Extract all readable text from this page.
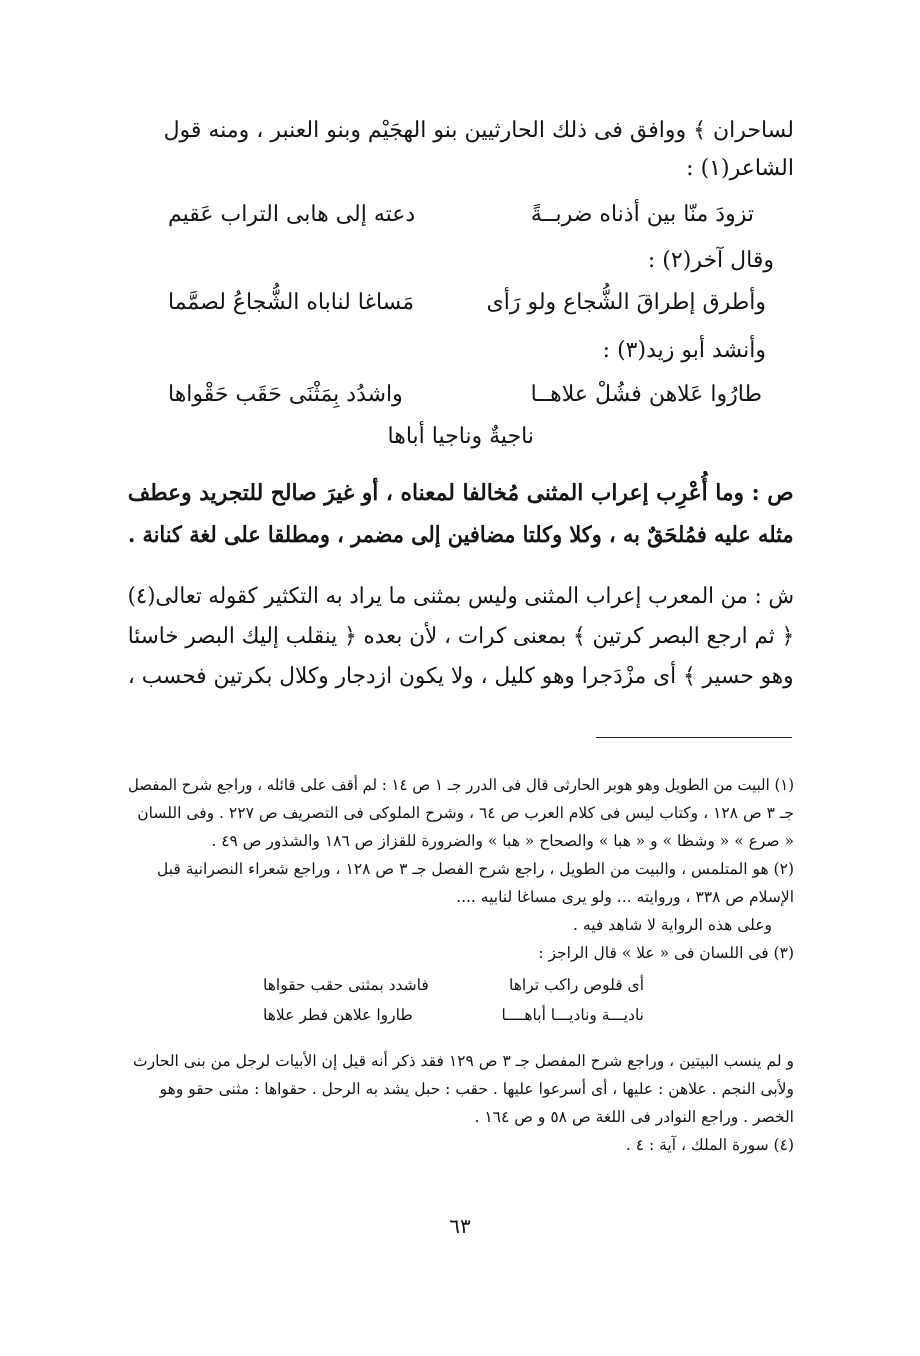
لساحران ﴾ ووافق فى ذلك الحارثيين بنو الهجَيْم وبنو العنبر ، ومنه قول
الشاعر(١) :
تزودَ منّا بين أذناه ضربــةً
دعته إلى هابى التراب عَقيم
وقال آخر(٢) :
وأطرق إطراقَ الشُّجاع ولو رَأى
مَساغا لناباه الشُّجاعُ لصمَّما
وأنشد أبو زيد(٣) :
طارُوا عَلاهن فشُلْ علاهــا
واشدُد بِمَثْنَى حَقَب حَقْواها
ناجيةٌ وناجيا أباها
ص : وما أُعْرِب إعراب المثنى مُخالفا لمعناه ، أو غيرَ صالح للتجريد وعطف
مثله عليه فمُلحَقٌ به ، وكلا وكلتا مضافين إلى مضمر ، ومطلقا على لغة كنانة .
ش : من المعرب إعراب المثنى وليس بمثنى ما يراد به التكثير كقوله تعالى(٤)
﴿ ثم ارجع البصر كرتين ﴾ بمعنى كرات ، لأن بعده ﴿ ينقلب إليك البصر خاسئا
وهو حسير ﴾ أى مزْدَجرا وهو كليل ، ولا يكون ازدجار وكلال بكرتين فحسب ،
(١) البيت من الطويل وهو هوبر الحارثى قال فى الدرر جـ ١ ص ١٤ : لم أقف على قائله ، وراجع شرح المفصل
جـ ٣ ص ١٢٨ ، وكتاب ليس فى كلام العرب ص ٦٤ ، وشرح الملوكى فى التصريف ص ٢٢٧ . وفى اللسان
« صرع » « وشظا » و « هبا » والصحاح « هبا » والضرورة للقزاز ص ١٨٦ والشذور ص ٤٩ .
(٢) هو المتلمس ، والبيت من الطويل ، راجع شرح الفصل جـ ٣ ص ١٢٨ ، وراجع شعراء النصرانية قبل
الإسلام ص ٣٣٨ ، وروايته ... ولو يرى مساغا لنابيه ....
وعلى هذه الرواية لا شاهد فيه .
(٣) فى اللسان فى « علا » قال الراجز :
أى قلوص راكب تراها
فاشدد بمثنى حقب حقواها
ناديـــة وناديـــا أباهــــا
طاروا علاهن فطر علاها
و لم ينسب البيتين ، وراجع شرح المفصل جـ ٣ ص ١٢٩ فقد ذكر أنه قيل إن الأبيات لرجل من بنى الحارث
ولأبى النجم . علاهن : عليها ، أى أسرعوا عليها . حقب : حبل يشد به الرحل . حقواها : مثنى حقو وهو
الخصر . وراجع النوادر فى اللغة ص ٥٨ و ص ١٦٤ .
(٤) سورة الملك ، آية : ٤ .
٦٣
